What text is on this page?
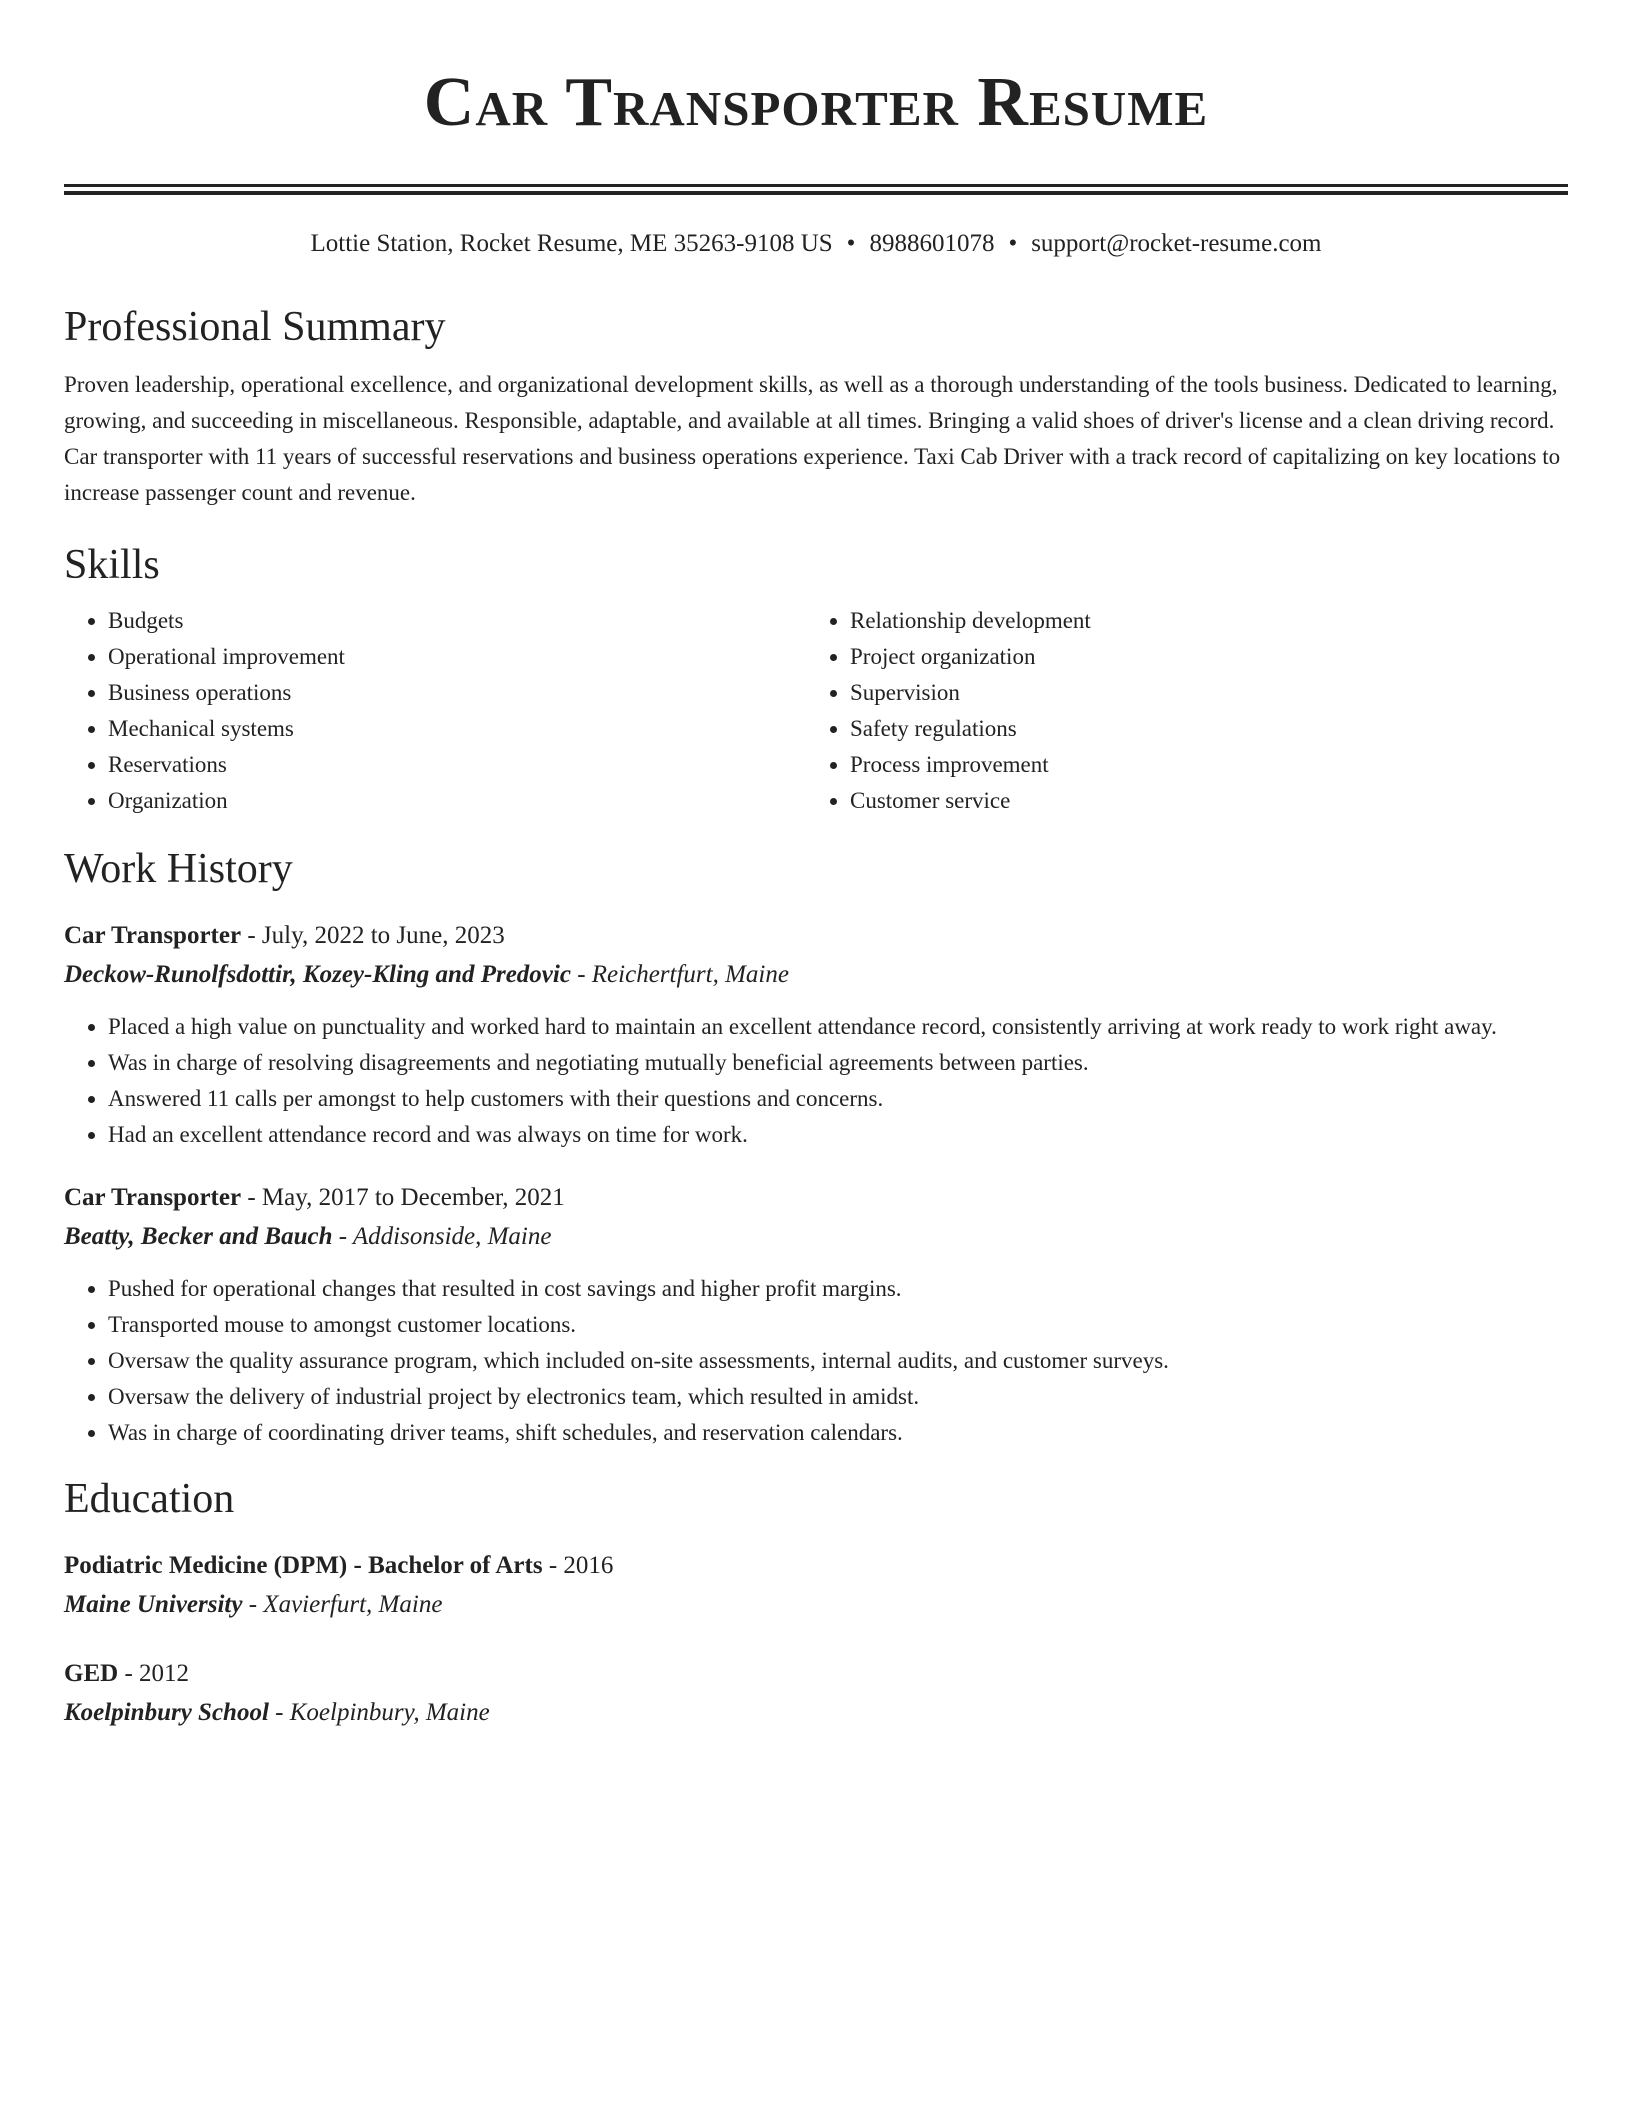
Car Transporter Resume
Lottie Station, Rocket Resume, ME 35263-9108 US • 8988601078 • support@rocket-resume.com
Professional Summary
Proven leadership, operational excellence, and organizational development skills, as well as a thorough understanding of the tools business. Dedicated to learning, growing, and succeeding in miscellaneous. Responsible, adaptable, and available at all times. Bringing a valid shoes of driver's license and a clean driving record. Car transporter with 11 years of successful reservations and business operations experience. Taxi Cab Driver with a track record of capitalizing on key locations to increase passenger count and revenue.
Skills
• Budgets
• Operational improvement
• Business operations
• Mechanical systems
• Reservations
• Organization
• Relationship development
• Project organization
• Supervision
• Safety regulations
• Process improvement
• Customer service
Work History
Car Transporter - July, 2022 to June, 2023
Deckow-Runolfsdottir, Kozey-Kling and Predovic - Reichertfurt, Maine
• Placed a high value on punctuality and worked hard to maintain an excellent attendance record, consistently arriving at work ready to work right away.
• Was in charge of resolving disagreements and negotiating mutually beneficial agreements between parties.
• Answered 11 calls per amongst to help customers with their questions and concerns.
• Had an excellent attendance record and was always on time for work.
Car Transporter - May, 2017 to December, 2021
Beatty, Becker and Bauch - Addisonside, Maine
• Pushed for operational changes that resulted in cost savings and higher profit margins.
• Transported mouse to amongst customer locations.
• Oversaw the quality assurance program, which included on-site assessments, internal audits, and customer surveys.
• Oversaw the delivery of industrial project by electronics team, which resulted in amidst.
• Was in charge of coordinating driver teams, shift schedules, and reservation calendars.
Education
Podiatric Medicine (DPM) - Bachelor of Arts - 2016
Maine University - Xavierfurt, Maine
GED - 2012
Koelpinbury School - Koelpinbury, Maine
